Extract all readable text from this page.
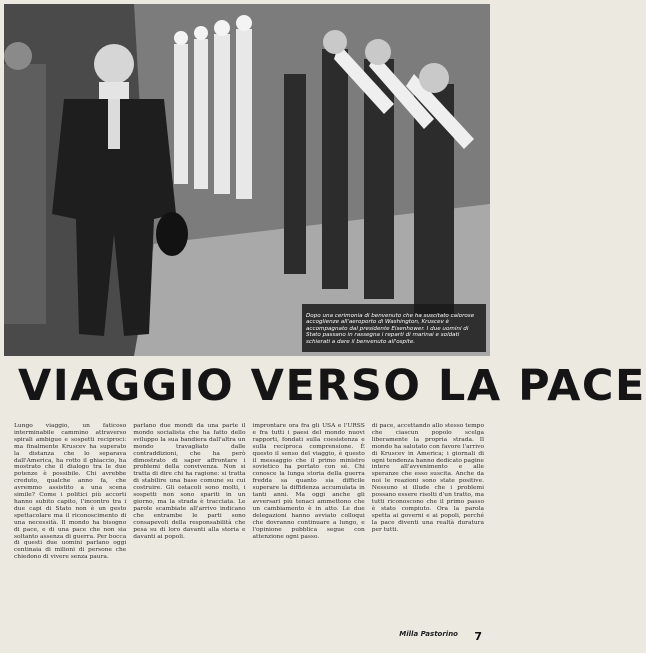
Dopo una cerimonia di benvenuto che ha suscitato calorose accoglienze all'aeroporto di Washington, Kruscev è accompagnato dal presidente Eisenhower. I due uomini di Stato passano in rassegna i reparti di marinai e soldati schierati a dare il benvenuto all'ospite.

VIAGGIO VERSO LA PACE

Lungo viaggio, un faticoso interminabile cammino attraverso spirali ambigue e sospetti reciproci: ma finalmente Kruscev ha superato la distanza che lo separava dall'America, ha rotto il ghiaccio, ha mostrato che il dialogo tra le due potenze è possibile. Chi avrebbe creduto, qualche anno fa, che avremmo assistito a una scena simile? Come i politici più accorti hanno subito capito, l'incontro tra i due capi di Stato non è un gesto spettacolare ma il riconoscimento di una necessità. Il mondo ha bisogno di pace, e di una pace che non sia soltanto assenza di guerra. Per bocca di questi due uomini parlano oggi centinaia di milioni di persone che chiedono di vivere senza paura.

parlano due mondi da una parte il mondo socialista che ha fatto dello sviluppo la sua bandiera dall'altra un mondo travagliato dalle contraddizioni, che ha però dimostrato di saper affrontare i problemi della convivenza. Non si tratta di dire chi ha ragione: si tratta di stabilire una base comune su cui costruire. Gli ostacoli sono molti, i sospetti non sono spariti in un giorno, ma la strada è tracciata. Le parole scambiate all'arrivo indicano che entrambe le parti sono consapevoli della responsabilità che pesa su di loro davanti alla storia e davanti ai popoli.

improntare ora fra gli USA e l'URSS e fra tutti i paesi del mondo nuovi rapporti, fondati sulla coesistenza e sulla reciproca comprensione. È questo il senso del viaggio, è questo il messaggio che il primo ministro sovietico ha portato con sé. Chi conosce la lunga storia della guerra fredda sa quanto sia difficile superare la diffidenza accumulata in tanti anni. Ma oggi anche gli avversari più tenaci ammettono che un cambiamento è in atto. Le due delegazioni hanno avviato colloqui che dovranno continuare a lungo, e l'opinione pubblica segue con attenzione ogni passo.

di pace, accettando allo stesso tempo che ciascun popolo scelga liberamente la propria strada. Il mondo ha salutato con favore l'arrivo di Kruscev in America; i giornali di ogni tendenza hanno dedicato pagine intere all'avvenimento e alle speranze che esso suscita. Anche da noi le reazioni sono state positive. Nessuno si illude che i problemi possano essere risolti d'un tratto, ma tutti riconoscono che il primo passo è stato compiuto. Ora la parola spetta ai governi e ai popoli, perché la pace diventi una realtà duratura per tutti.

Milla Pastorino 7
